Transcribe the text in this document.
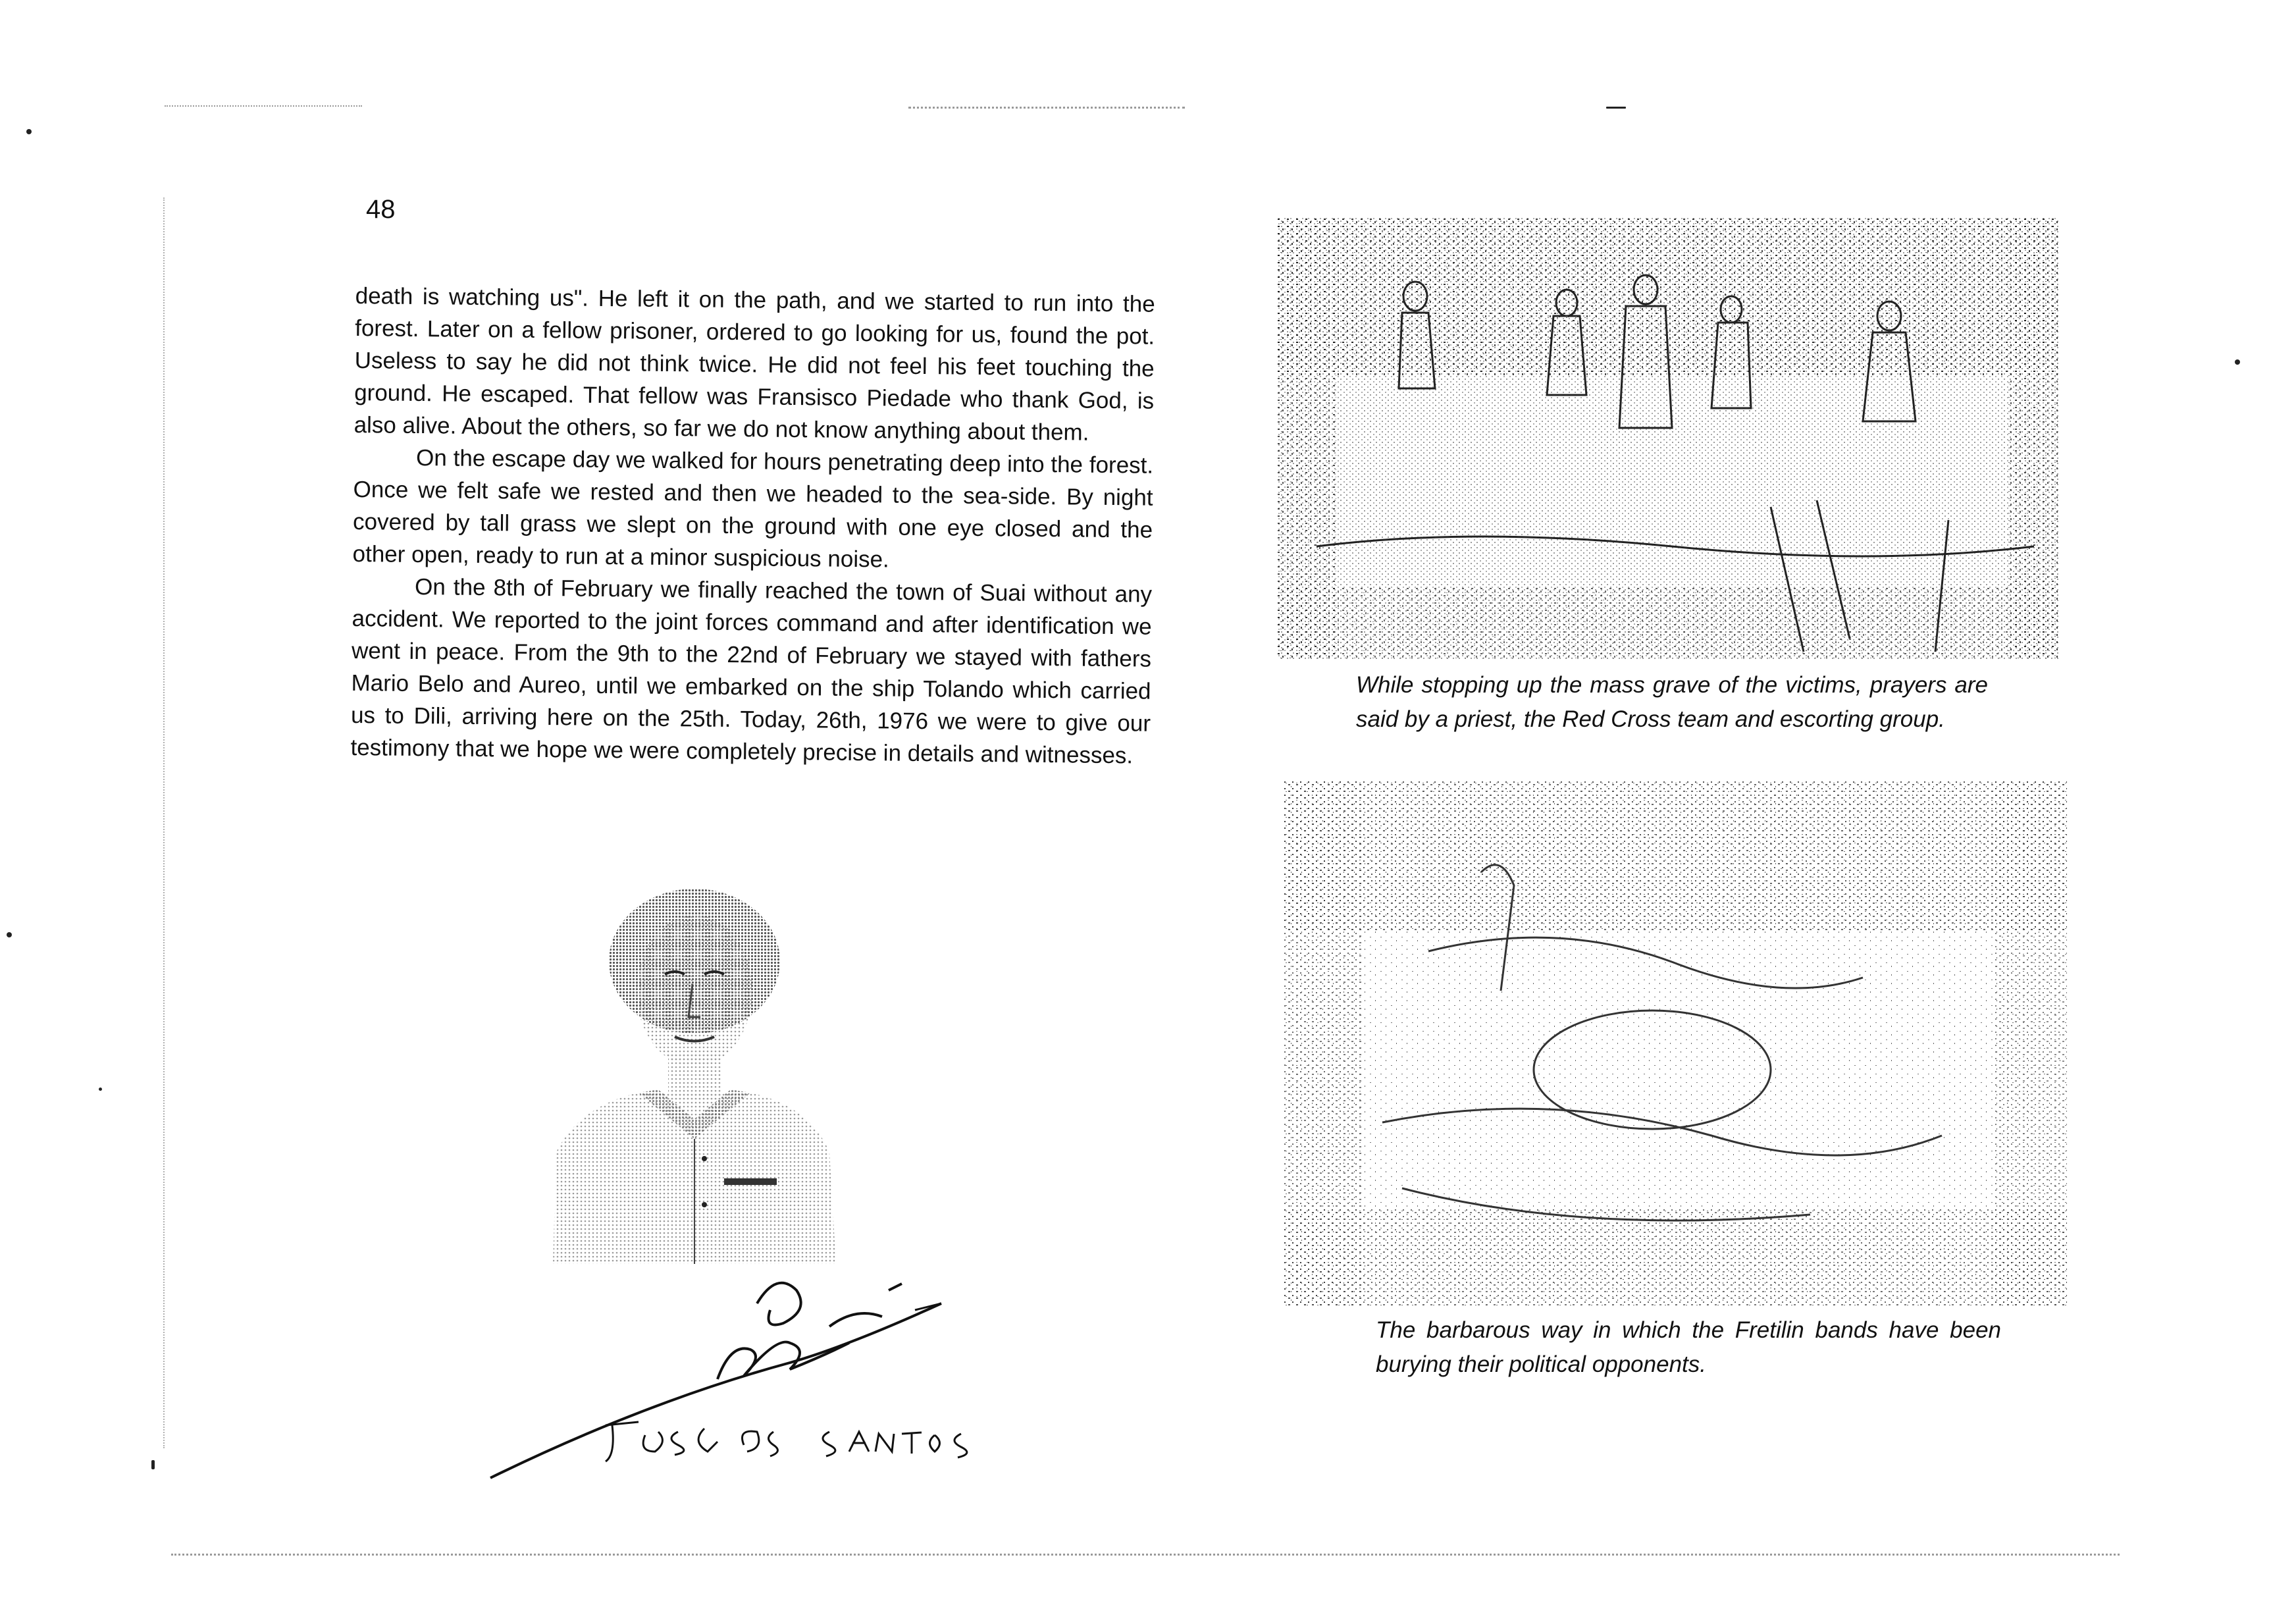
48

death is watching us". He left it on the path, and we started to run into the forest. Later on a fellow prisoner, ordered to go looking for us, found the pot. Useless to say he did not think twice. He did not feel his feet touching the ground. He escaped. That fellow was Fransisco Piedade who thank God, is also alive. About the others, so far we do not know anything about them.

On the escape day we walked for hours penetrating deep into the forest. Once we felt safe we rested and then we headed to the sea-side. By night covered by tall grass we slept on the ground with one eye closed and the other open, ready to run at a minor suspicious noise.

On the 8th of February we finally reached the town of Suai without any accident. We reported to the joint forces command and after identification we went in peace. From the 9th to the 22nd of February we stayed with fathers Mario Belo and Aureo, until we embarked on the ship Tolando which carried us to Dili, arriving here on the 25th. Today, 26th, 1976 we were to give our testimony that we hope we were completely precise in details and witnesses.

While stopping up the mass grave of the victims, prayers are said by a priest, the Red Cross team and escorting group.
The barbarous way in which the Fretilin bands have been burying their political opponents.
